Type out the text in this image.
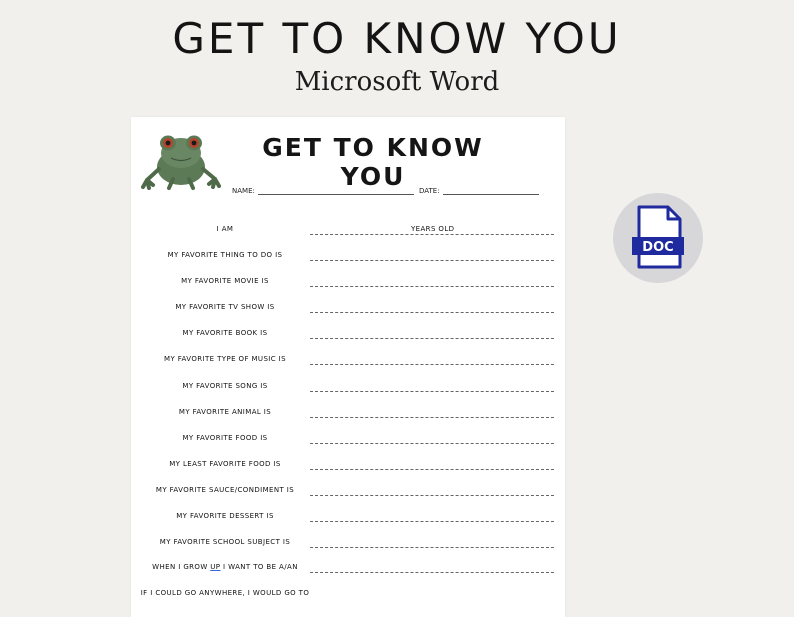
GET TO KNOW YOU
Microsoft Word
GET TO KNOW YOU
NAME:	DATE:
I AM	YEARS OLD
MY FAVORITE THING TO DO IS
MY FAVORITE MOVIE IS
MY FAVORITE TV SHOW IS
MY FAVORITE BOOK IS
MY FAVORITE TYPE OF MUSIC IS
MY FAVORITE SONG IS
MY FAVORITE ANIMAL IS
MY FAVORITE FOOD IS
MY LEAST FAVORITE FOOD IS
MY FAVORITE SAUCE/CONDIMENT IS
MY FAVORITE DESSERT IS
MY FAVORITE SCHOOL SUBJECT IS
WHEN I GROW UP I WANT TO BE A/AN
IF I COULD GO ANYWHERE, I WOULD GO TO
DOC
